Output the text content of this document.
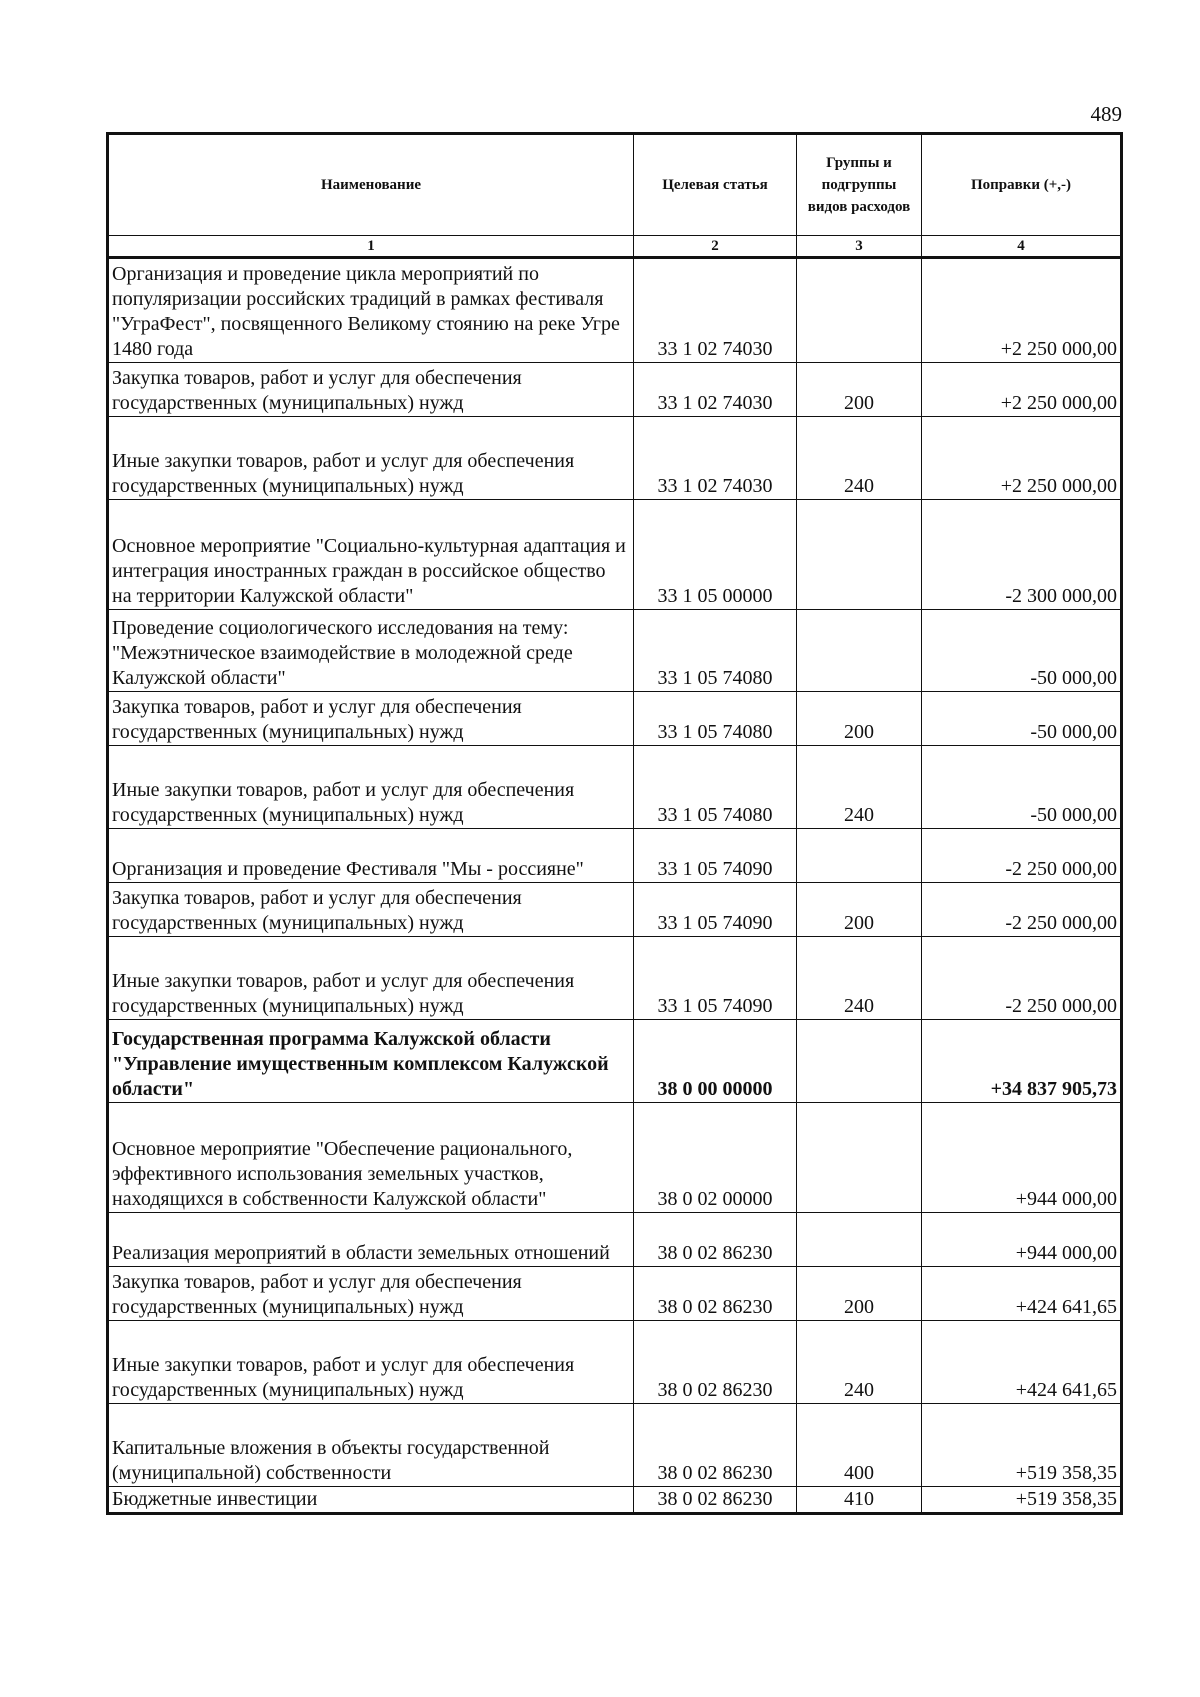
489
Наименование	Целевая статья	Группы и подгруппы видов расходов	Поправки (+,-)
1	2	3	4
Организация и проведение цикла мероприятий по популяризации российских традиций в рамках фестиваля "УграФест", посвященного Великому стоянию на реке Угре 1480 года	33 1 02 74030		+2 250 000,00
Закупка товаров, работ и услуг для обеспечения государственных (муниципальных) нужд	33 1 02 74030	200	+2 250 000,00
Иные закупки товаров, работ и услуг для обеспечения государственных (муниципальных) нужд	33 1 02 74030	240	+2 250 000,00
Основное мероприятие "Социально-культурная адаптация и интеграция иностранных граждан в российское общество на территории Калужской области"	33 1 05 00000		-2 300 000,00
Проведение социологического исследования на тему: "Межэтническое взаимодействие в молодежной среде Калужской области"	33 1 05 74080		-50 000,00
Закупка товаров, работ и услуг для обеспечения государственных (муниципальных) нужд	33 1 05 74080	200	-50 000,00
Иные закупки товаров, работ и услуг для обеспечения государственных (муниципальных) нужд	33 1 05 74080	240	-50 000,00
Организация и проведение Фестиваля "Мы - россияне"	33 1 05 74090		-2 250 000,00
Закупка товаров, работ и услуг для обеспечения государственных (муниципальных) нужд	33 1 05 74090	200	-2 250 000,00
Иные закупки товаров, работ и услуг для обеспечения государственных (муниципальных) нужд	33 1 05 74090	240	-2 250 000,00
Государственная программа Калужской области "Управление имущественным комплексом Калужской области"	38 0 00 00000		+34 837 905,73
Основное мероприятие "Обеспечение рационального, эффективного использования земельных участков, находящихся в собственности Калужской области"	38 0 02 00000		+944 000,00
Реализация мероприятий в области земельных отношений	38 0 02 86230		+944 000,00
Закупка товаров, работ и услуг для обеспечения государственных (муниципальных) нужд	38 0 02 86230	200	+424 641,65
Иные закупки товаров, работ и услуг для обеспечения государственных (муниципальных) нужд	38 0 02 86230	240	+424 641,65
Капитальные вложения в объекты государственной (муниципальной) собственности	38 0 02 86230	400	+519 358,35
Бюджетные инвестиции	38 0 02 86230	410	+519 358,35
